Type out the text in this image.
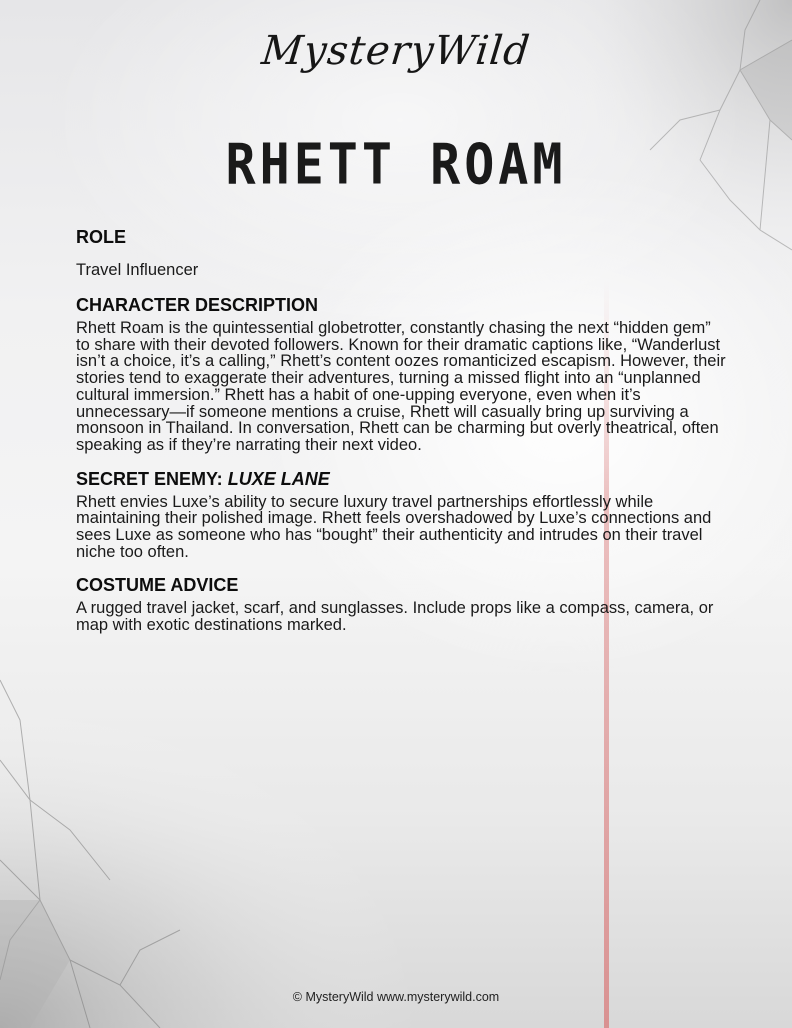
MysteryWild
RHETT ROAM
ROLE

Travel Influencer

CHARACTER DESCRIPTION

Rhett Roam is the quintessential globetrotter, constantly chasing the next “hidden gem” to share with their devoted followers. Known for their dramatic captions like, “Wanderlust isn’t a choice, it’s a calling,” Rhett’s content oozes romanticized escapism. However, their stories tend to exaggerate their adventures, turning a missed flight into an “unplanned cultural immersion.” Rhett has a habit of one-upping everyone, even when it’s unnecessary—if someone mentions a cruise, Rhett will casually bring up surviving a monsoon in Thailand. In conversation, Rhett can be charming but overly theatrical, often speaking as if they’re narrating their next video.

SECRET ENEMY: LUXE LANE

Rhett envies Luxe’s ability to secure luxury travel partnerships effortlessly while maintaining their polished image. Rhett feels overshadowed by Luxe’s connections and sees Luxe as someone who has “bought” their authenticity and intrudes on their travel niche too often.

COSTUME ADVICE

A rugged travel jacket, scarf, and sunglasses. Include props like a compass, camera, or map with exotic destinations marked.

© MysteryWild www.mysterywild.com
